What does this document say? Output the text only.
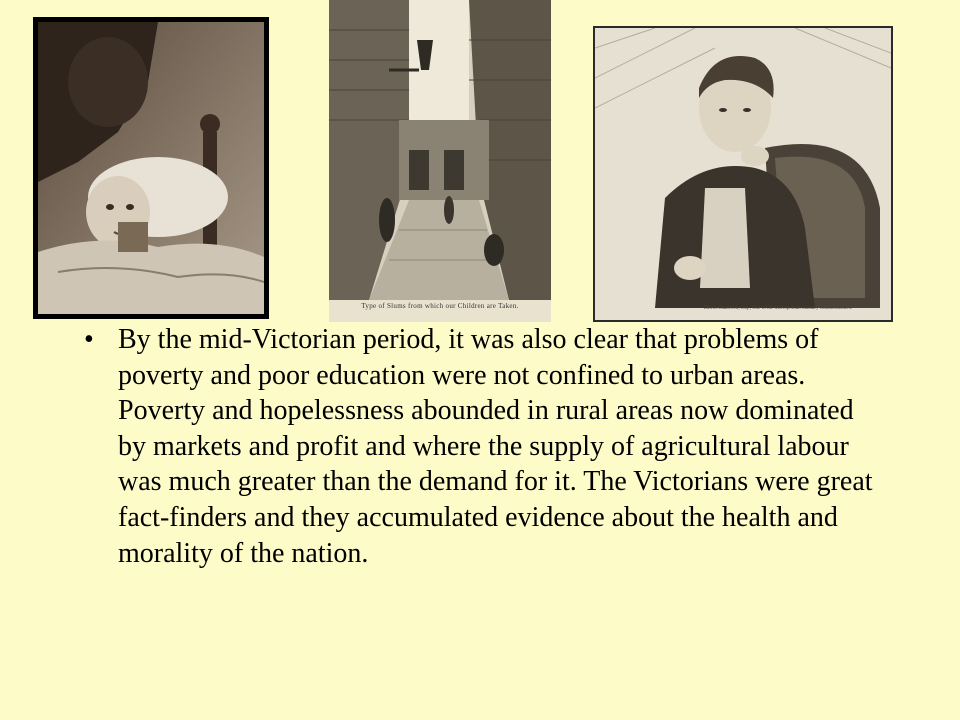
Type of Slums from which our Children are Taken.	Edwin Chadwick, Esq., One of the Metropolitan Sanitary Commissioners.
• By the mid-Victorian period, it was also clear that problems of poverty and poor education were not confined to urban areas. Poverty and hopelessness abounded in rural areas now dominated by markets and profit and where the supply of agricultural labour was much greater than the demand for it. The Victorians were great fact-finders and they accumulated evidence about the health and morality of the nation.
